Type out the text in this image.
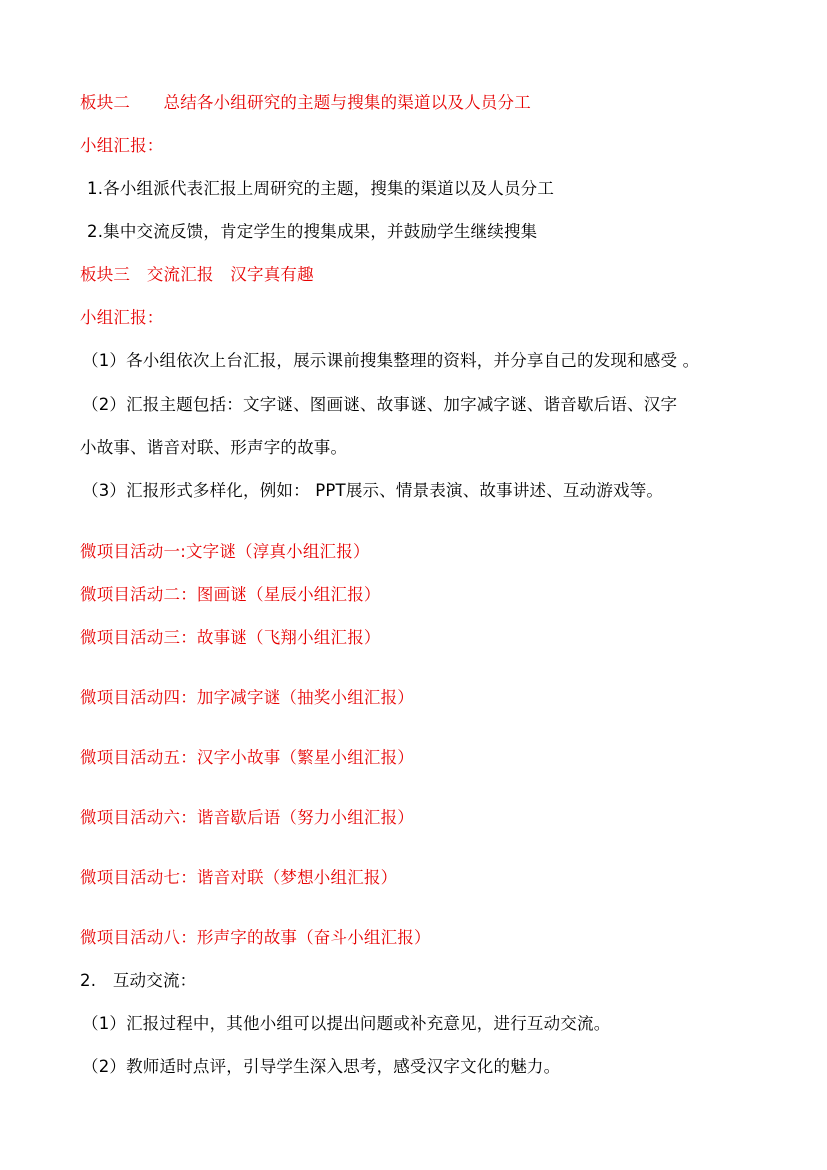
板块二　　总结各小组研究的主题与搜集的渠道以及人员分工
小组汇报：
1.各小组派代表汇报上周研究的主题，搜集的渠道以及人员分工
2.集中交流反馈，肯定学生的搜集成果，并鼓励学生继续搜集
板块三　交流汇报　汉字真有趣
小组汇报：
（1）各小组依次上台汇报，展示课前搜集整理的资料，并分享自己的发现和感受 。
（2）汇报主题包括：文字谜、图画谜、故事谜、加字减字谜、谐音歇后语、汉字
小故事、谐音对联、形声字的故事。
（3）汇报形式多样化，例如： PPT展示、情景表演、故事讲述、互动游戏等。
微项目活动一:文字谜（淳真小组汇报）
微项目活动二：图画谜（星辰小组汇报）
微项目活动三：故事谜（飞翔小组汇报）
微项目活动四：加字减字谜（抽奖小组汇报）
微项目活动五：汉字小故事（繁星小组汇报）
微项目活动六：谐音歇后语（努力小组汇报）
微项目活动七：谐音对联（梦想小组汇报）
微项目活动八：形声字的故事（奋斗小组汇报）
2.　互动交流：
（1）汇报过程中，其他小组可以提出问题或补充意见，进行互动交流。
（2）教师适时点评，引导学生深入思考，感受汉字文化的魅力。
